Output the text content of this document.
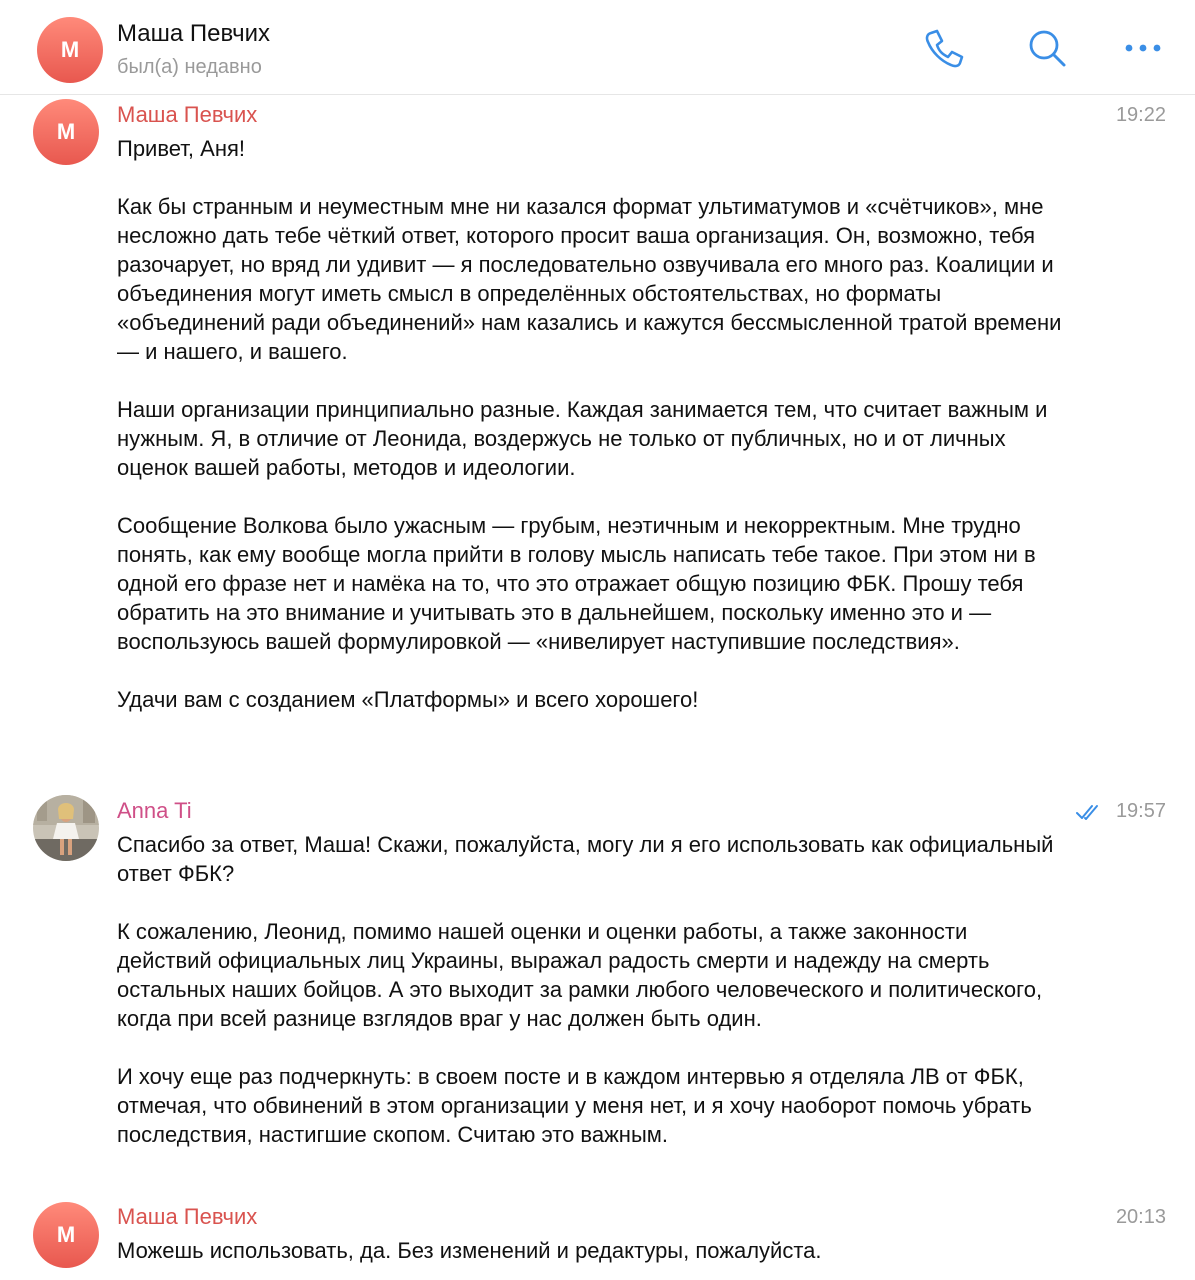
М
Маша Певчих
был(а) недавно
М
Маша Певчих	19:22

Привет, Аня!

Как бы странным и неуместным мне ни казался формат ультиматумов и «счётчиков», мне несложно дать тебе чёткий ответ, которого просит ваша организация. Он, возможно, тебя разочарует, но вряд ли удивит — я последовательно озвучивала его много раз. Коалиции и объединения могут иметь смысл в определённых обстоятельствах, но форматы «объединений ради объединений» нам казались и кажутся бессмысленной тратой времени — и нашего, и вашего.

Наши организации принципиально разные. Каждая занимается тем, что считает важным и нужным. Я, в отличие от Леонида, воздержусь не только от публичных, но и от личных оценок вашей работы, методов и идеологии.

Сообщение Волкова было ужасным — грубым, неэтичным и некорректным. Мне трудно понять, как ему вообще могла прийти в голову мысль написать тебе такое. При этом ни в одной его фразе нет и намёка на то, что это отражает общую позицию ФБК. Прошу тебя обратить на это внимание и учитывать это в дальнейшем, поскольку именно это и — воспользуюсь вашей формулировкой — «нивелирует наступившие последствия».

Удачи вам с созданием «Платформы» и всего хорошего!

Anna Ti	19:57

Спасибо за ответ, Маша! Скажи, пожалуйста, могу ли я его использовать как официальный ответ ФБК?

К сожалению, Леонид, помимо нашей оценки и оценки работы, а также законности действий официальных лиц Украины, выражал радость смерти и надежду на смерть остальных наших бойцов. А это выходит за рамки любого человеческого и политического, когда при всей разнице взглядов враг у нас должен быть один.

И хочу еще раз подчеркнуть: в своем посте и в каждом интервью я отделяла ЛВ от ФБК, отмечая, что обвинений в этом организации у меня нет, и я хочу наоборот помочь убрать последствия, настигшие скопом. Считаю это важным.

М
Маша Певчих	20:13

Можешь использовать, да. Без изменений и редактуры, пожалуйста.
